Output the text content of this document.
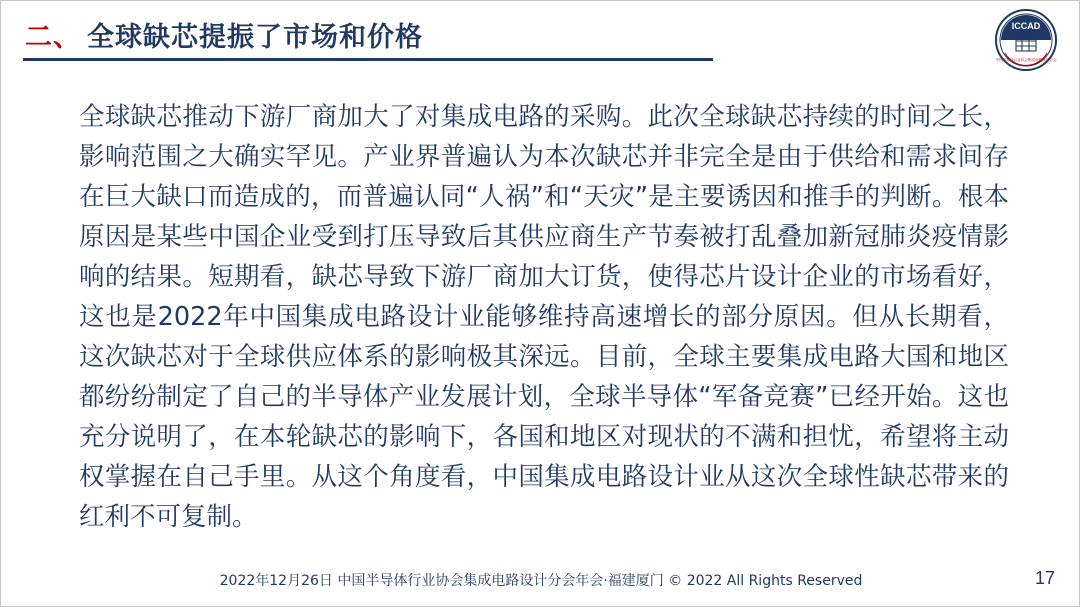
二、 全球缺芯提振了市场和价格	ICCAD
中国半导体行业协会集成电路设计分会

全球缺芯推动下游厂商加大了对集成电路的采购。此次全球缺芯持续的时间之长，影响范围之大确实罕见。产业界普遍认为本次缺芯并非完全是由于供给和需求间存在巨大缺口而造成的，而普遍认同“人祸”和“天灾”是主要诱因和推手的判断。根本原因是某些中国企业受到打压导致后其供应商生产节奏被打乱叠加新冠肺炎疫情影响的结果。短期看，缺芯导致下游厂商加大订货，使得芯片设计企业的市场看好，这也是2022年中国集成电路设计业能够维持高速增长的部分原因。但从长期看，这次缺芯对于全球供应体系的影响极其深远。目前，全球主要集成电路大国和地区都纷纷制定了自己的半导体产业发展计划，全球半导体“军备竞赛”已经开始。这也充分说明了，在本轮缺芯的影响下，各国和地区对现状的不满和担忧，希望将主动权掌握在自己手里。从这个角度看，中国集成电路设计业从这次全球性缺芯带来的红利不可复制。

2022年12月26日 中国半导体行业协会集成电路设计分会年会·福建厦门 © 2022 All Rights Reserved	17
